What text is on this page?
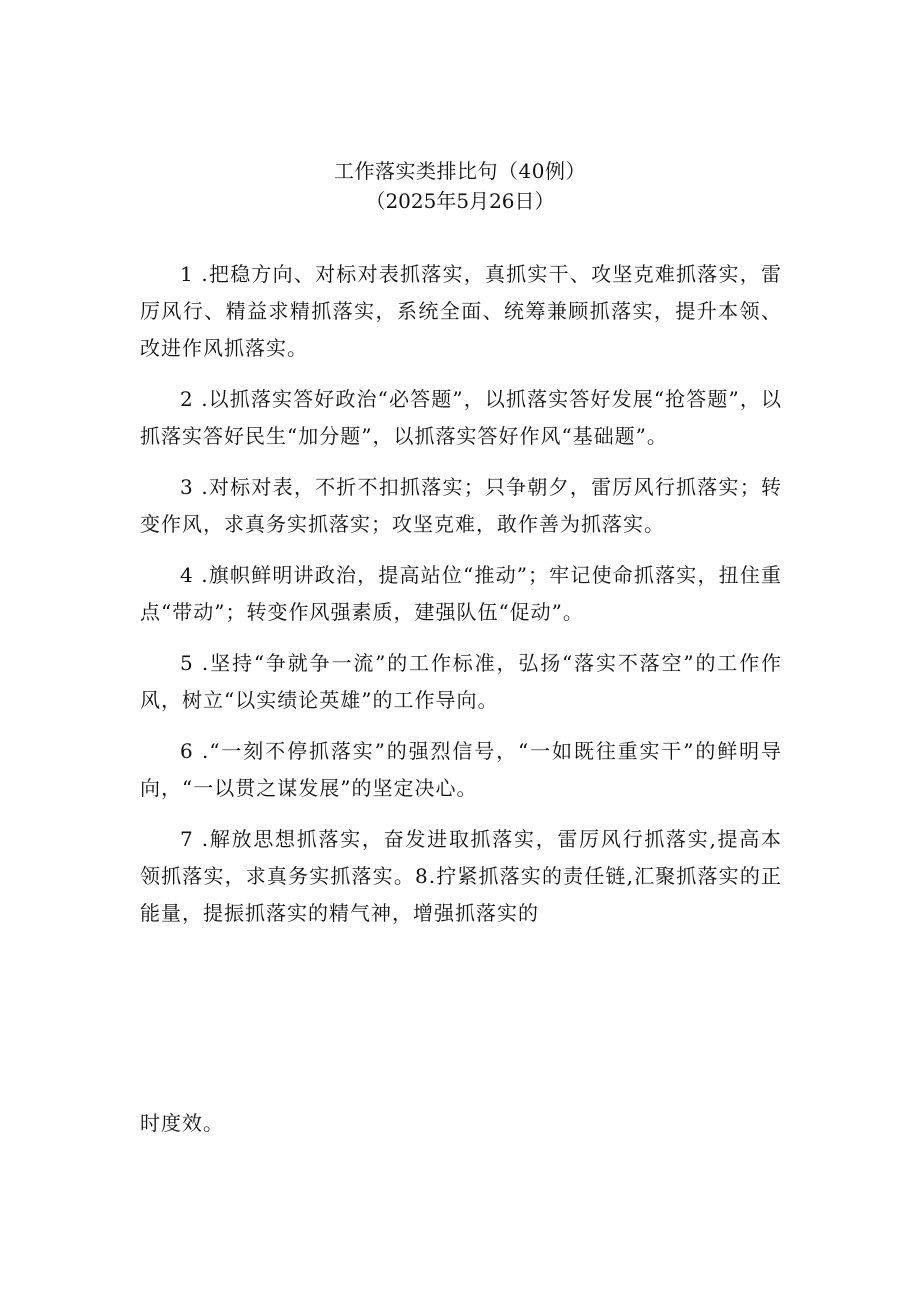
工作落实类排比句（40例）

（2025年5月26日）

1 .把稳方向、对标对表抓落实，真抓实干、攻坚克难抓落实，雷厉风行、精益求精抓落实，系统全面、统筹兼顾抓落实，提升本领、改进作风抓落实。

2 .以抓落实答好政治“必答题”，以抓落实答好发展“抢答题”，以抓落实答好民生“加分题”，以抓落实答好作风“基础题”。

3 .对标对表，不折不扣抓落实；只争朝夕，雷厉风行抓落实；转变作风，求真务实抓落实；攻坚克难，敢作善为抓落实。

4 .旗帜鲜明讲政治，提高站位“推动”；牢记使命抓落实，扭住重点“带动”；转变作风强素质，建强队伍“促动”。

5 .坚持“争就争一流”的工作标准，弘扬“落实不落空”的工作作风，树立“以实绩论英雄”的工作导向。

6 .“一刻不停抓落实”的强烈信号，“一如既往重实干”的鲜明导向，“一以贯之谋发展”的坚定决心。

7 .解放思想抓落实，奋发进取抓落实，雷厉风行抓落实,提高本领抓落实，求真务实抓落实。8.拧紧抓落实的责任链,汇聚抓落实的正能量，提振抓落实的精气神，增强抓落实的

时度效。
